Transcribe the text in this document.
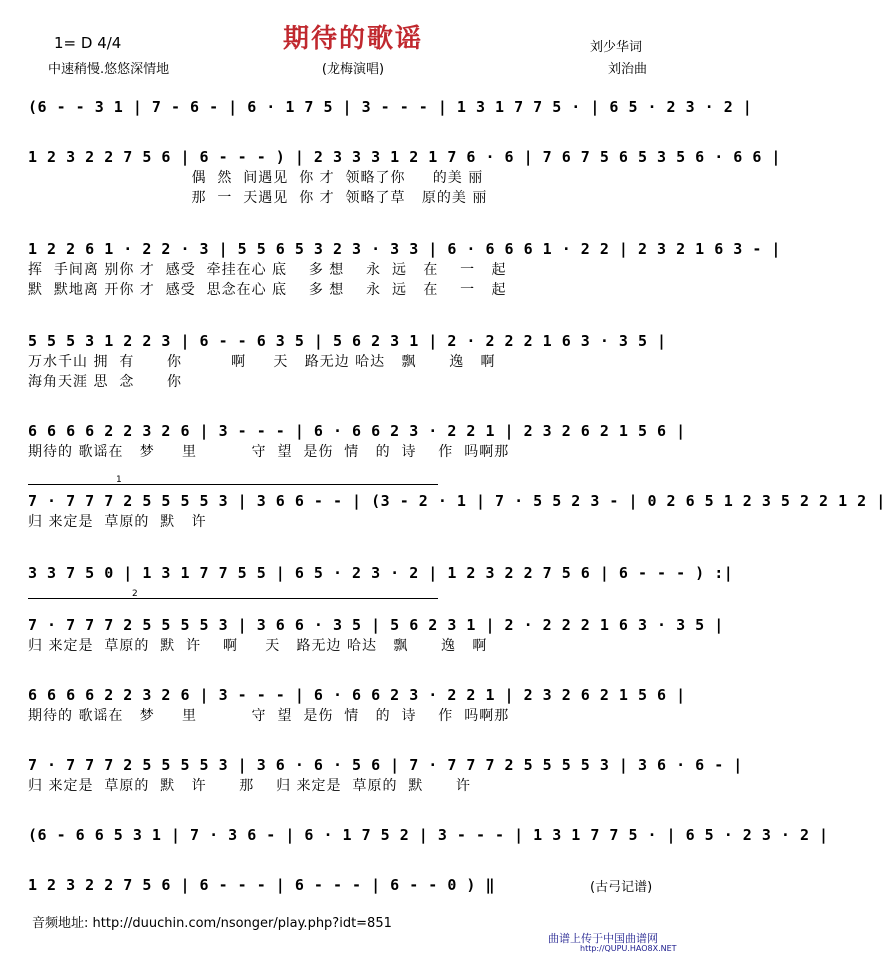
期待的歌谣
1= D 4/4
中速稍慢.悠悠深情地	(龙梅演唱)
刘少华词
刘治曲
(6 - - 3 1 | 7 - 6 - | 6 · 1 7 5 | 3 - - - | 1 3 1 7 7 5 · | 6 5 · 2 3 · 2 |
1 2 3 2 2 7 5 6 | 6 - - - ) | 2 3 3 3 1 2 1 7 6 · 6 | 7 6 7 5 6 5 3 5 6 · 6 6 |
偶  然  间遇见  你 才  领略了你     的美 丽
那  一  天遇见  你 才  领略了草   原的美 丽
1 2 2 6 1 · 2 2 · 3 | 5 5 6 5 3 2 3 · 3 3 | 6 · 6 6 6 1 · 2 2 | 2 3 2 1 6 3 - |
挥  手间离 别你 才  感受  牵挂在心 底    多 想    永  远   在    一   起
默  默地离 开你 才  感受  思念在心 底    多 想    永  远   在    一   起
5 5 5 3 1 2 2 3 | 6 - - 6 3 5 | 5 6 2 3 1 | 2 · 2 2 2 1 6 3 · 3 5 |
万水千山 拥  有      你         啊     天   路无边 哈达   飘      逸   啊
海角天涯 思  念      你
6 6 6 6 2 2 3 2 6 | 3 - - - | 6 · 6 6 2 3 · 2 2 1 | 2 3 2 6 2 1 5 6 |
期待的 歌谣在   梦     里          守  望  是伤  情   的  诗    作  吗啊那
1
7 · 7 7 7 2 5 5 5 5 3 | 3 6 6 - - | (3 - 2 · 1 | 7 · 5 5 2 3 - | 0 2 6 5 1 2 3 5 2 2 1 2 |
归 来定是  草原的  默   许
3 3 7 5 0 | 1 3 1 7 7 5 5 | 6 5 · 2 3 · 2 | 1 2 3 2 2 7 5 6 | 6 - - - ) :|
2
7 · 7 7 7 2 5 5 5 5 3 | 3 6 6 · 3 5 | 5 6 2 3 1 | 2 · 2 2 2 1 6 3 · 3 5 |
归 来定是  草原的  默  许    啊     天   路无边 哈达   飘      逸   啊
6 6 6 6 2 2 3 2 6 | 3 - - - | 6 · 6 6 2 3 · 2 2 1 | 2 3 2 6 2 1 5 6 |
期待的 歌谣在   梦     里          守  望  是伤  情   的  诗    作  吗啊那
7 · 7 7 7 2 5 5 5 5 3 | 3 6 · 6 · 5 6 | 7 · 7 7 7 2 5 5 5 5 3 | 3 6 · 6 - |
归 来定是  草原的  默   许      那    归 来定是  草原的  默      许
(6 - 6 6 5 3 1 | 7 · 3 6 - | 6 · 1 7 5 2 | 3 - - - | 1 3 1 7 7 5 · | 6 5 · 2 3 · 2 |
1 2 3 2 2 7 5 6 | 6 - - - | 6 - - - | 6 - - 0 ) ‖	(古弓记谱)
音频地址: http://duuchin.com/nsonger/play.php?idt=851
曲谱上传于中国曲谱网
http://QUPU.HAO8X.NET
